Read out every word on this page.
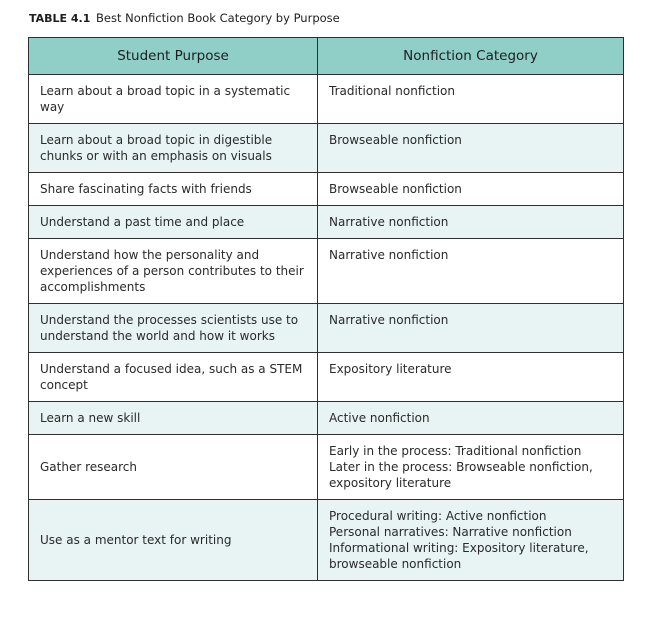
TABLE 4.1 Best Nonfiction Book Category by Purpose
Student Purpose	Nonfiction Category
Learn about a broad topic in a systematic way	Traditional nonfiction

Learn about a broad topic in digestible chunks or with an emphasis on visuals	Browseable nonfiction

Share fascinating facts with friends	Browseable nonfiction

Understand a past time and place	Narrative nonfiction

Understand how the personality and experiences of a person contributes to their accomplishments	Narrative nonfiction

Understand the processes scientists use to understand the world and how it works	Narrative nonfiction

Understand a focused idea, such as a STEM concept	Expository literature

Learn a new skill	Active nonfiction

Gather research	Early in the process: Traditional nonfiction
Later in the process: Browseable nonfiction, expository literature

Use as a mentor text for writing	Procedural writing: Active nonfiction
Personal narratives: Narrative nonfiction
Informational writing: Expository literature, browseable nonfiction
